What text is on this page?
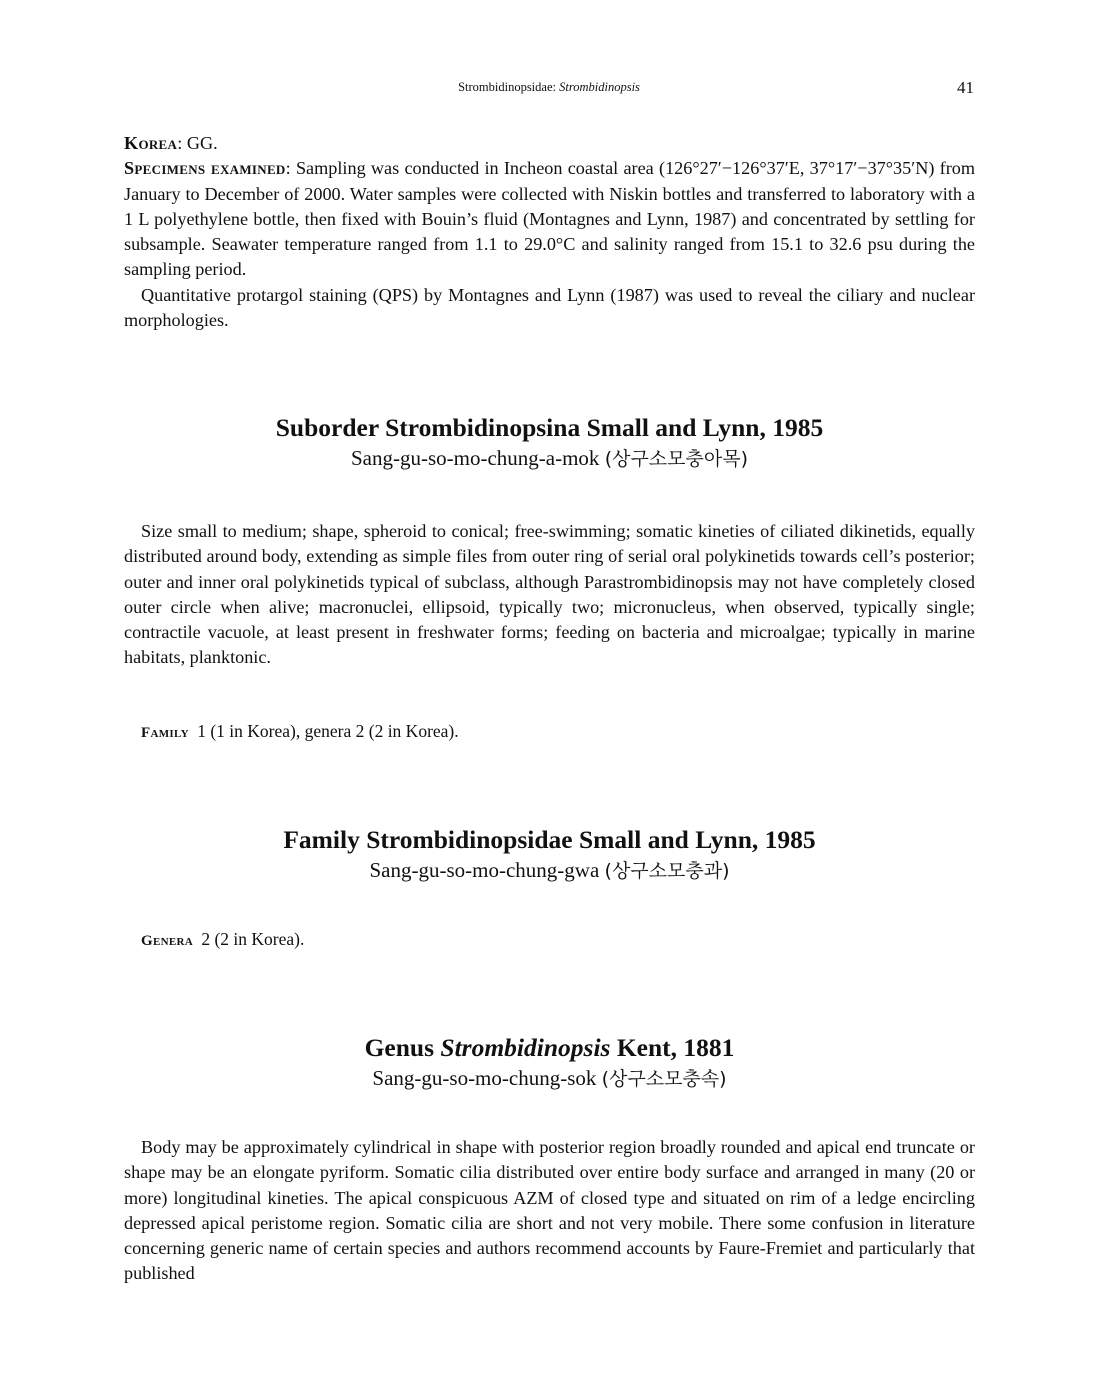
Strombidinopsidae: Strombidinopsis	41

Korea: GG.

Specimens examined: Sampling was conducted in Incheon coastal area (126°27′−126°37′E, 37°17′−37°35′N) from January to December of 2000. Water samples were collected with Niskin bottles and transferred to laboratory with a 1 L polyethylene bottle, then fixed with Bouin’s fluid (Montagnes and Lynn, 1987) and concentrated by settling for subsample. Seawater temperature ranged from 1.1 to 29.0°C and salinity ranged from 15.1 to 32.6 psu during the sampling period.

Quantitative protargol staining (QPS) by Montagnes and Lynn (1987) was used to reveal the ciliary and nuclear morphologies.

Suborder Strombidinopsina Small and Lynn, 1985
Sang-gu-so-mo-chung-a-mok (상구소모충아목)

Size small to medium; shape, spheroid to conical; free-swimming; somatic kineties of ciliated dikinetids, equally distributed around body, extending as simple files from outer ring of serial oral polykinetids towards cell’s posterior; outer and inner oral polykinetids typical of subclass, although Parastrombidinopsis may not have completely closed outer circle when alive; macronuclei, ellipsoid, typically two; micronucleus, when observed, typically single; contractile vacuole, at least present in freshwater forms; feeding on bacteria and microalgae; typically in marine habitats, planktonic.

Family 1 (1 in Korea), genera 2 (2 in Korea).

Family Strombidinopsidae Small and Lynn, 1985
Sang-gu-so-mo-chung-gwa (상구소모충과)

Genera 2 (2 in Korea).

Genus Strombidinopsis Kent, 1881
Sang-gu-so-mo-chung-sok (상구소모충속)

Body may be approximately cylindrical in shape with posterior region broadly rounded and apical end truncate or shape may be an elongate pyriform. Somatic cilia distributed over entire body surface and arranged in many (20 or more) longitudinal kineties. The apical conspicuous AZM of closed type and situated on rim of a ledge encircling depressed apical peristome region. Somatic cilia are short and not very mobile. There some confusion in literature concerning generic name of certain species and authors recommend accounts by Faure-Fremiet and particularly that published
